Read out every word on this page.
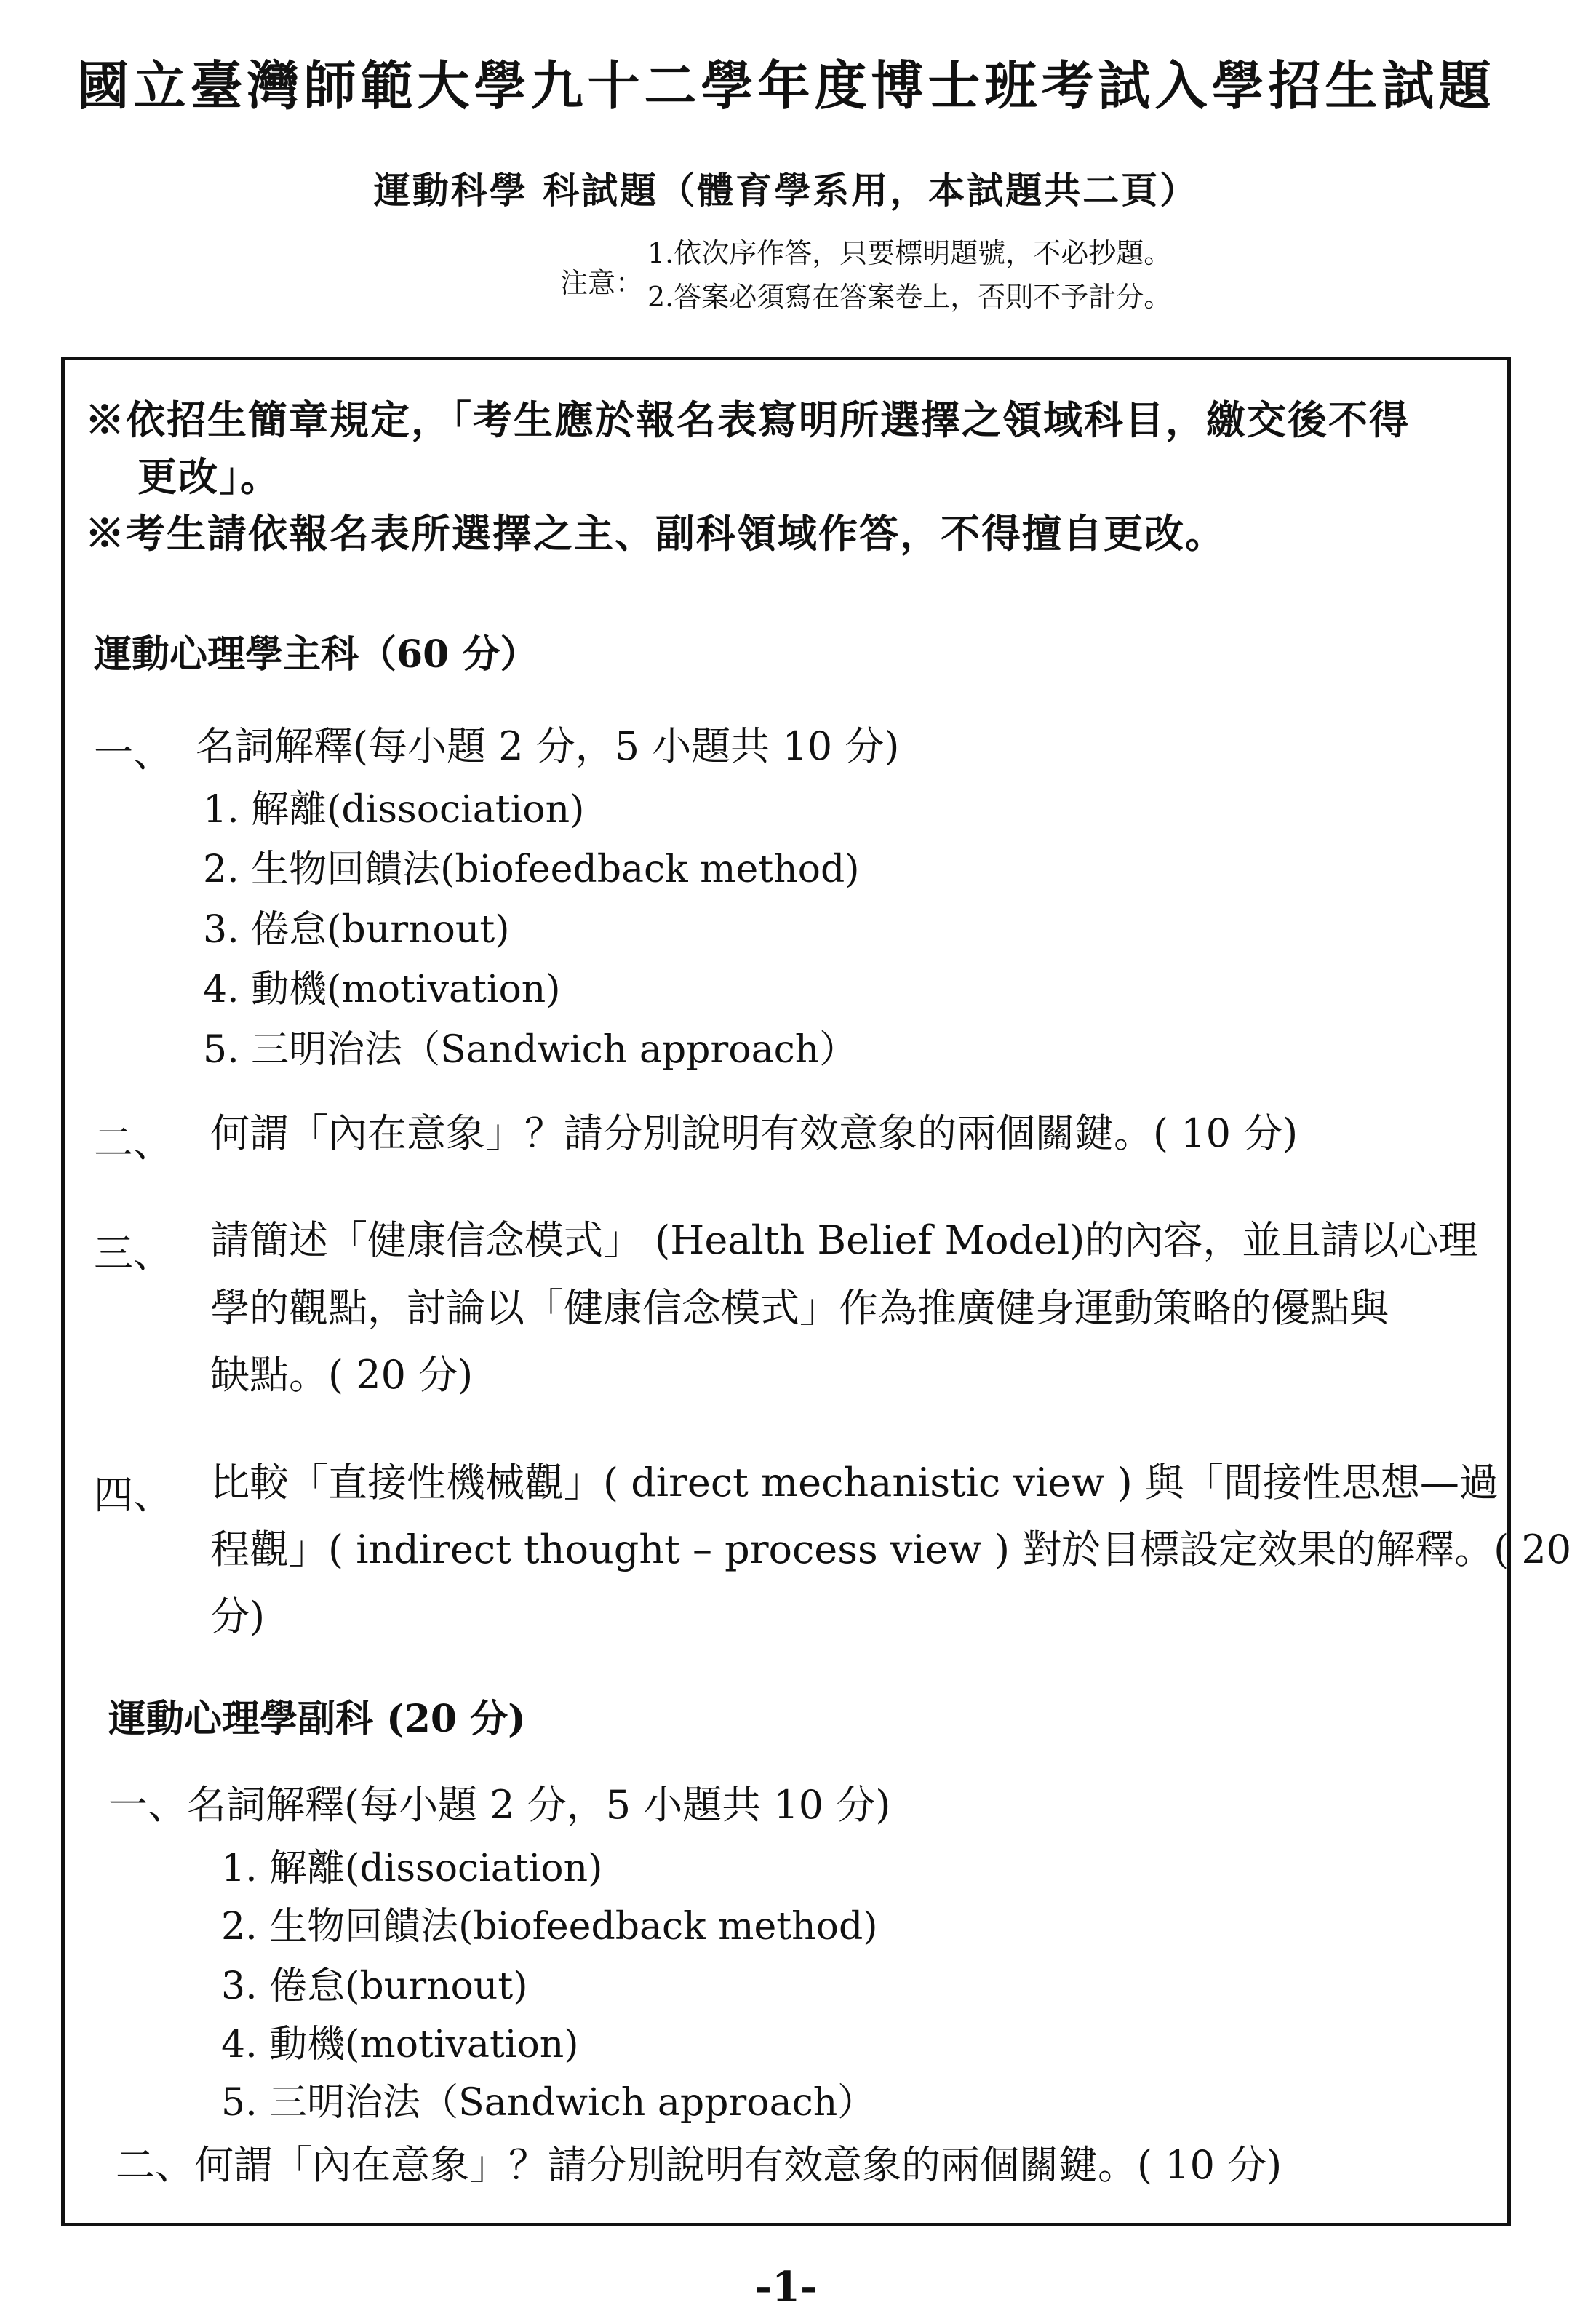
國立臺灣師範大學九十二學年度博士班考試入學招生試題
運動科學 科試題（體育學系用，本試題共二頁）
注意：
1.依次序作答，只要標明題號，不必抄題。
2.答案必須寫在答案卷上，否則不予計分。
※依招生簡章規定，「考生應於報名表寫明所選擇之領域科目，繳交後不得
更改」。
※考生請依報名表所選擇之主、副科領域作答，不得擅自更改。
運動心理學主科（60 分）
一、 名詞解釋(每小題 2 分，5 小題共 10 分)
1. 解離(dissociation)
2. 生物回饋法(biofeedback method)
3. 倦怠(burnout)
4. 動機(motivation)
5. 三明治法（Sandwich approach）
二、 何謂「內在意象」？請分別說明有效意象的兩個關鍵。( 10 分)
三、 請簡述「健康信念模式」 (Health Belief Model)的內容，並且請以心理
學的觀點，討論以「健康信念模式」作為推廣健身運動策略的優點與
缺點。( 20 分)
四、 比較「直接性機械觀」( direct mechanistic view ) 與「間接性思想—過
程觀」( indirect thought – process view ) 對於目標設定效果的解釋。( 20
分)
運動心理學副科 (20 分)
一、名詞解釋(每小題 2 分，5 小題共 10 分)
1. 解離(dissociation)
2. 生物回饋法(biofeedback method)
3. 倦怠(burnout)
4. 動機(motivation)
5. 三明治法（Sandwich approach）
二、何謂「內在意象」？請分別說明有效意象的兩個關鍵。( 10 分)
-1-
